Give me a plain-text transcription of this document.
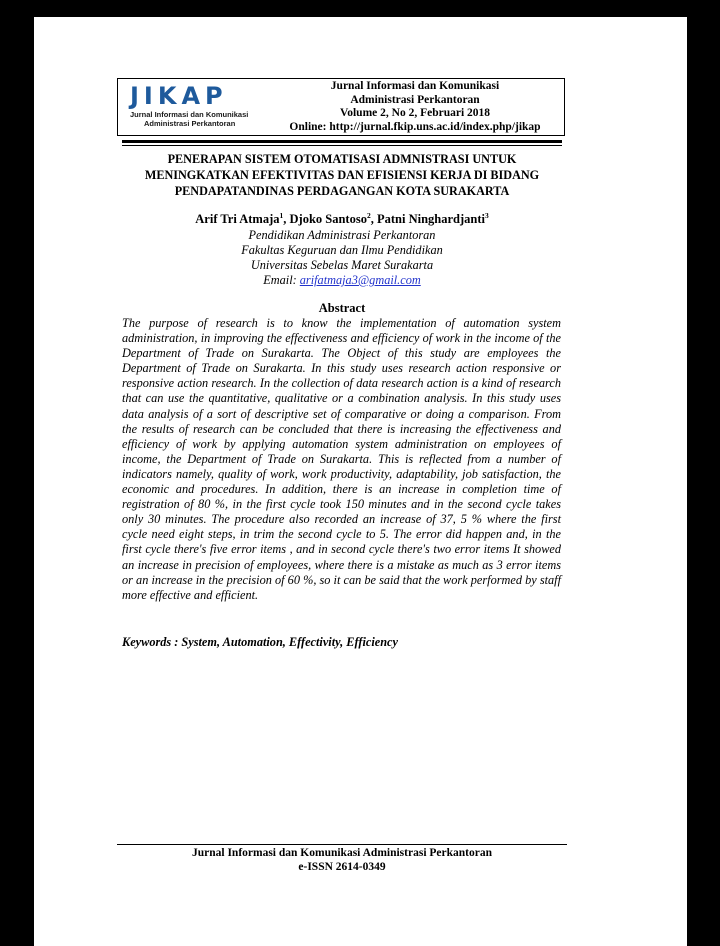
JIKAP
Jurnal Informasi dan Komunikasi
Administrasi Perkantoran
Jurnal Informasi dan Komunikasi
Administrasi Perkantoran
Volume 2, No 2, Februari 2018
Online: http://jurnal.fkip.uns.ac.id/index.php/jikap
PENERAPAN SISTEM OTOMATISASI ADMNISTRASI UNTUK
MENINGKATKAN EFEKTIVITAS DAN EFISIENSI KERJA DI BIDANG
PENDAPATANDINAS PERDAGANGAN KOTA SURAKARTA
Arif Tri Atmaja$^1$, Djoko Santoso$^2$, Patni Ninghardjanti$^3$
Pendidikan Administrasi Perkantoran
Fakultas Keguruan dan Ilmu Pendidikan
Universitas Sebelas Maret Surakarta
Email: arifatmaja3@gmail.com
Abstract
The purpose of research is to know the implementation of automation system administration, in improving the effectiveness and efficiency of work in the income of the Department of Trade on Surakarta. The Object of this study are employees the Department of Trade on Surakarta. In this study uses research action responsive or responsive action research. In the collection of data research action is a kind of research that can use the quantitative, qualitative or a combination analysis. In this study uses data analysis of a sort of descriptive set of comparative or doing a comparison. From the results of research can be concluded that there is increasing the effectiveness and efficiency of work by applying automation system administration on employees of income, the Department of Trade on Surakarta. This is reflected from a number of indicators namely, quality of work, work productivity, adaptability, job satisfaction, the economic and procedures. In addition, there is an increase in completion time of registration of 80 %, in the first cycle took 150 minutes and in the second cycle takes only 30 minutes. The procedure also recorded an increase of 37, 5 % where the first cycle need eight steps, in trim the second cycle to 5. The error did happen and, in the first cycle there's five error items , and in second cycle there's two error items It showed an increase in precision of employees, where there is a mistake as much as 3 error items or an increase in the precision of 60 %, so it can be said that the work performed by staff more effective and efficient.
Keywords : System, Automation, Effectivity, Efficiency
Jurnal Informasi dan Komunikasi Administrasi Perkantoran
e-ISSN 2614-0349
